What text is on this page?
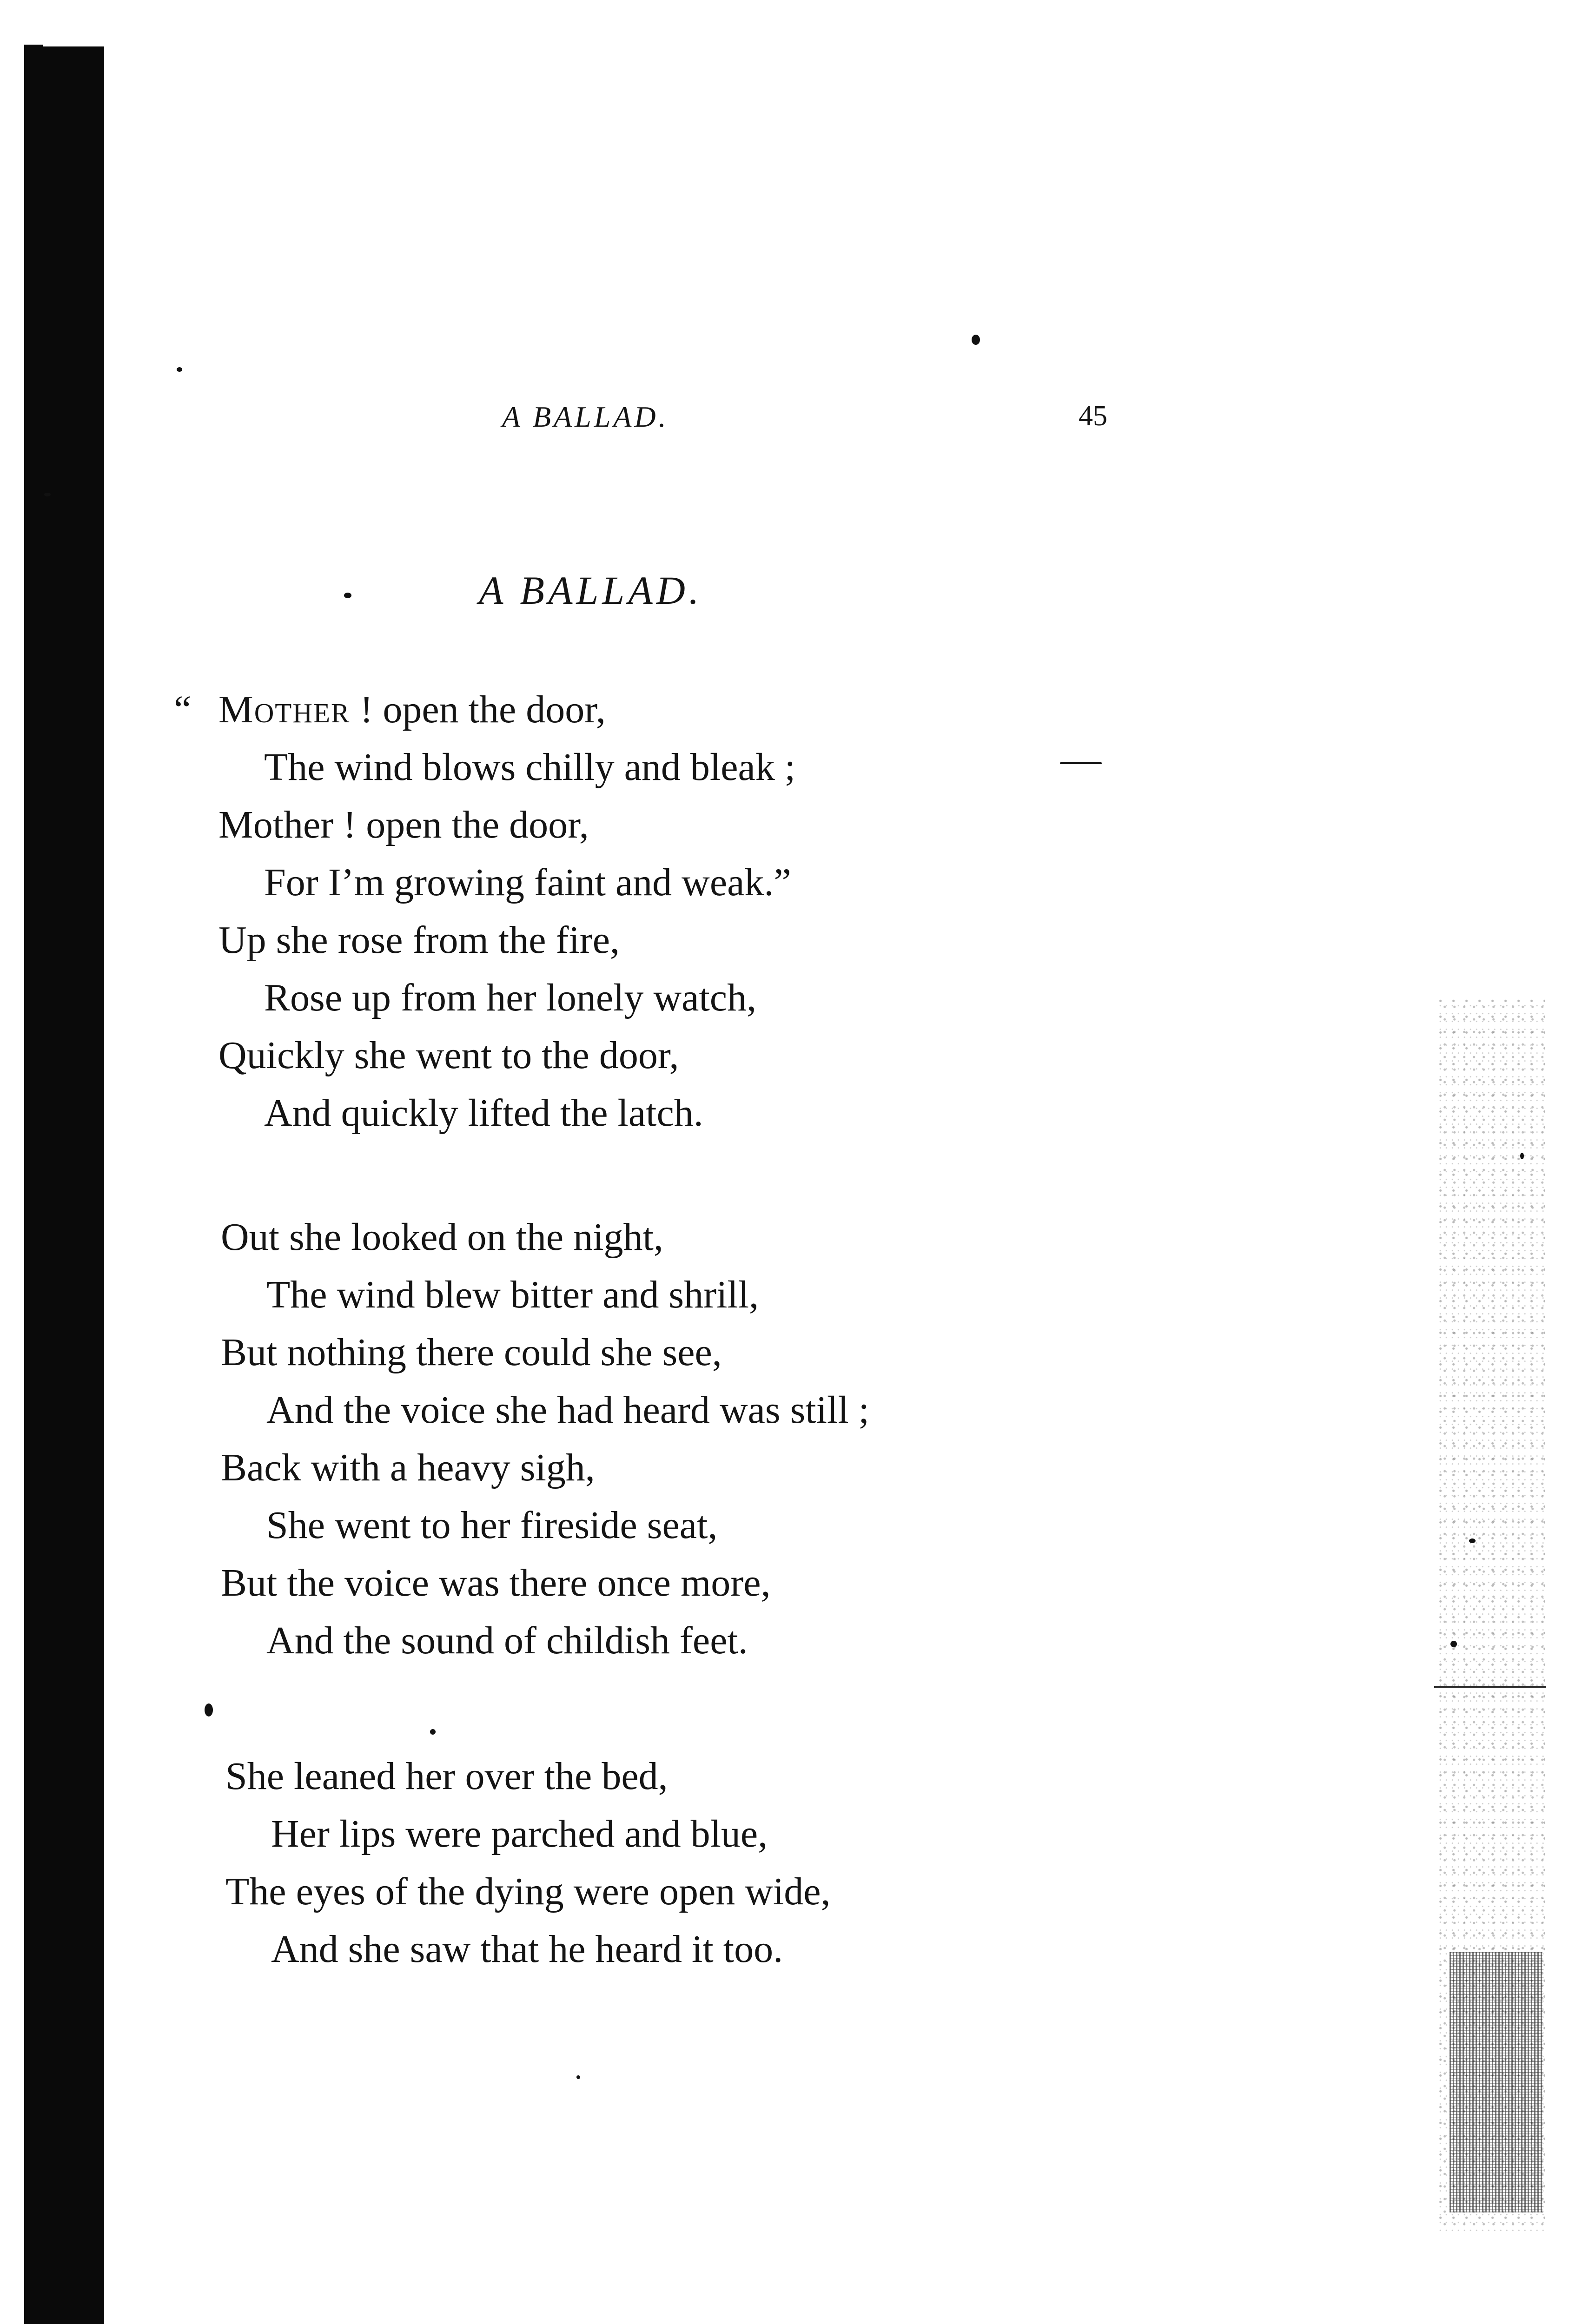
A BALLAD.	45
A BALLAD.
“Mother ! open the door,
The wind blows chilly and bleak ;
Mother ! open the door,
For I’m growing faint and weak.”
Up she rose from the fire,
Rose up from her lonely watch,
Quickly she went to the door,
And quickly lifted the latch.
Out she looked on the night,
The wind blew bitter and shrill,
But nothing there could she see,
And the voice she had heard was still ;
Back with a heavy sigh,
She went to her fireside seat,
But the voice was there once more,
And the sound of childish feet.
She leaned her over the bed,
Her lips were parched and blue,
The eyes of the dying were open wide,
And she saw that he heard it too.
